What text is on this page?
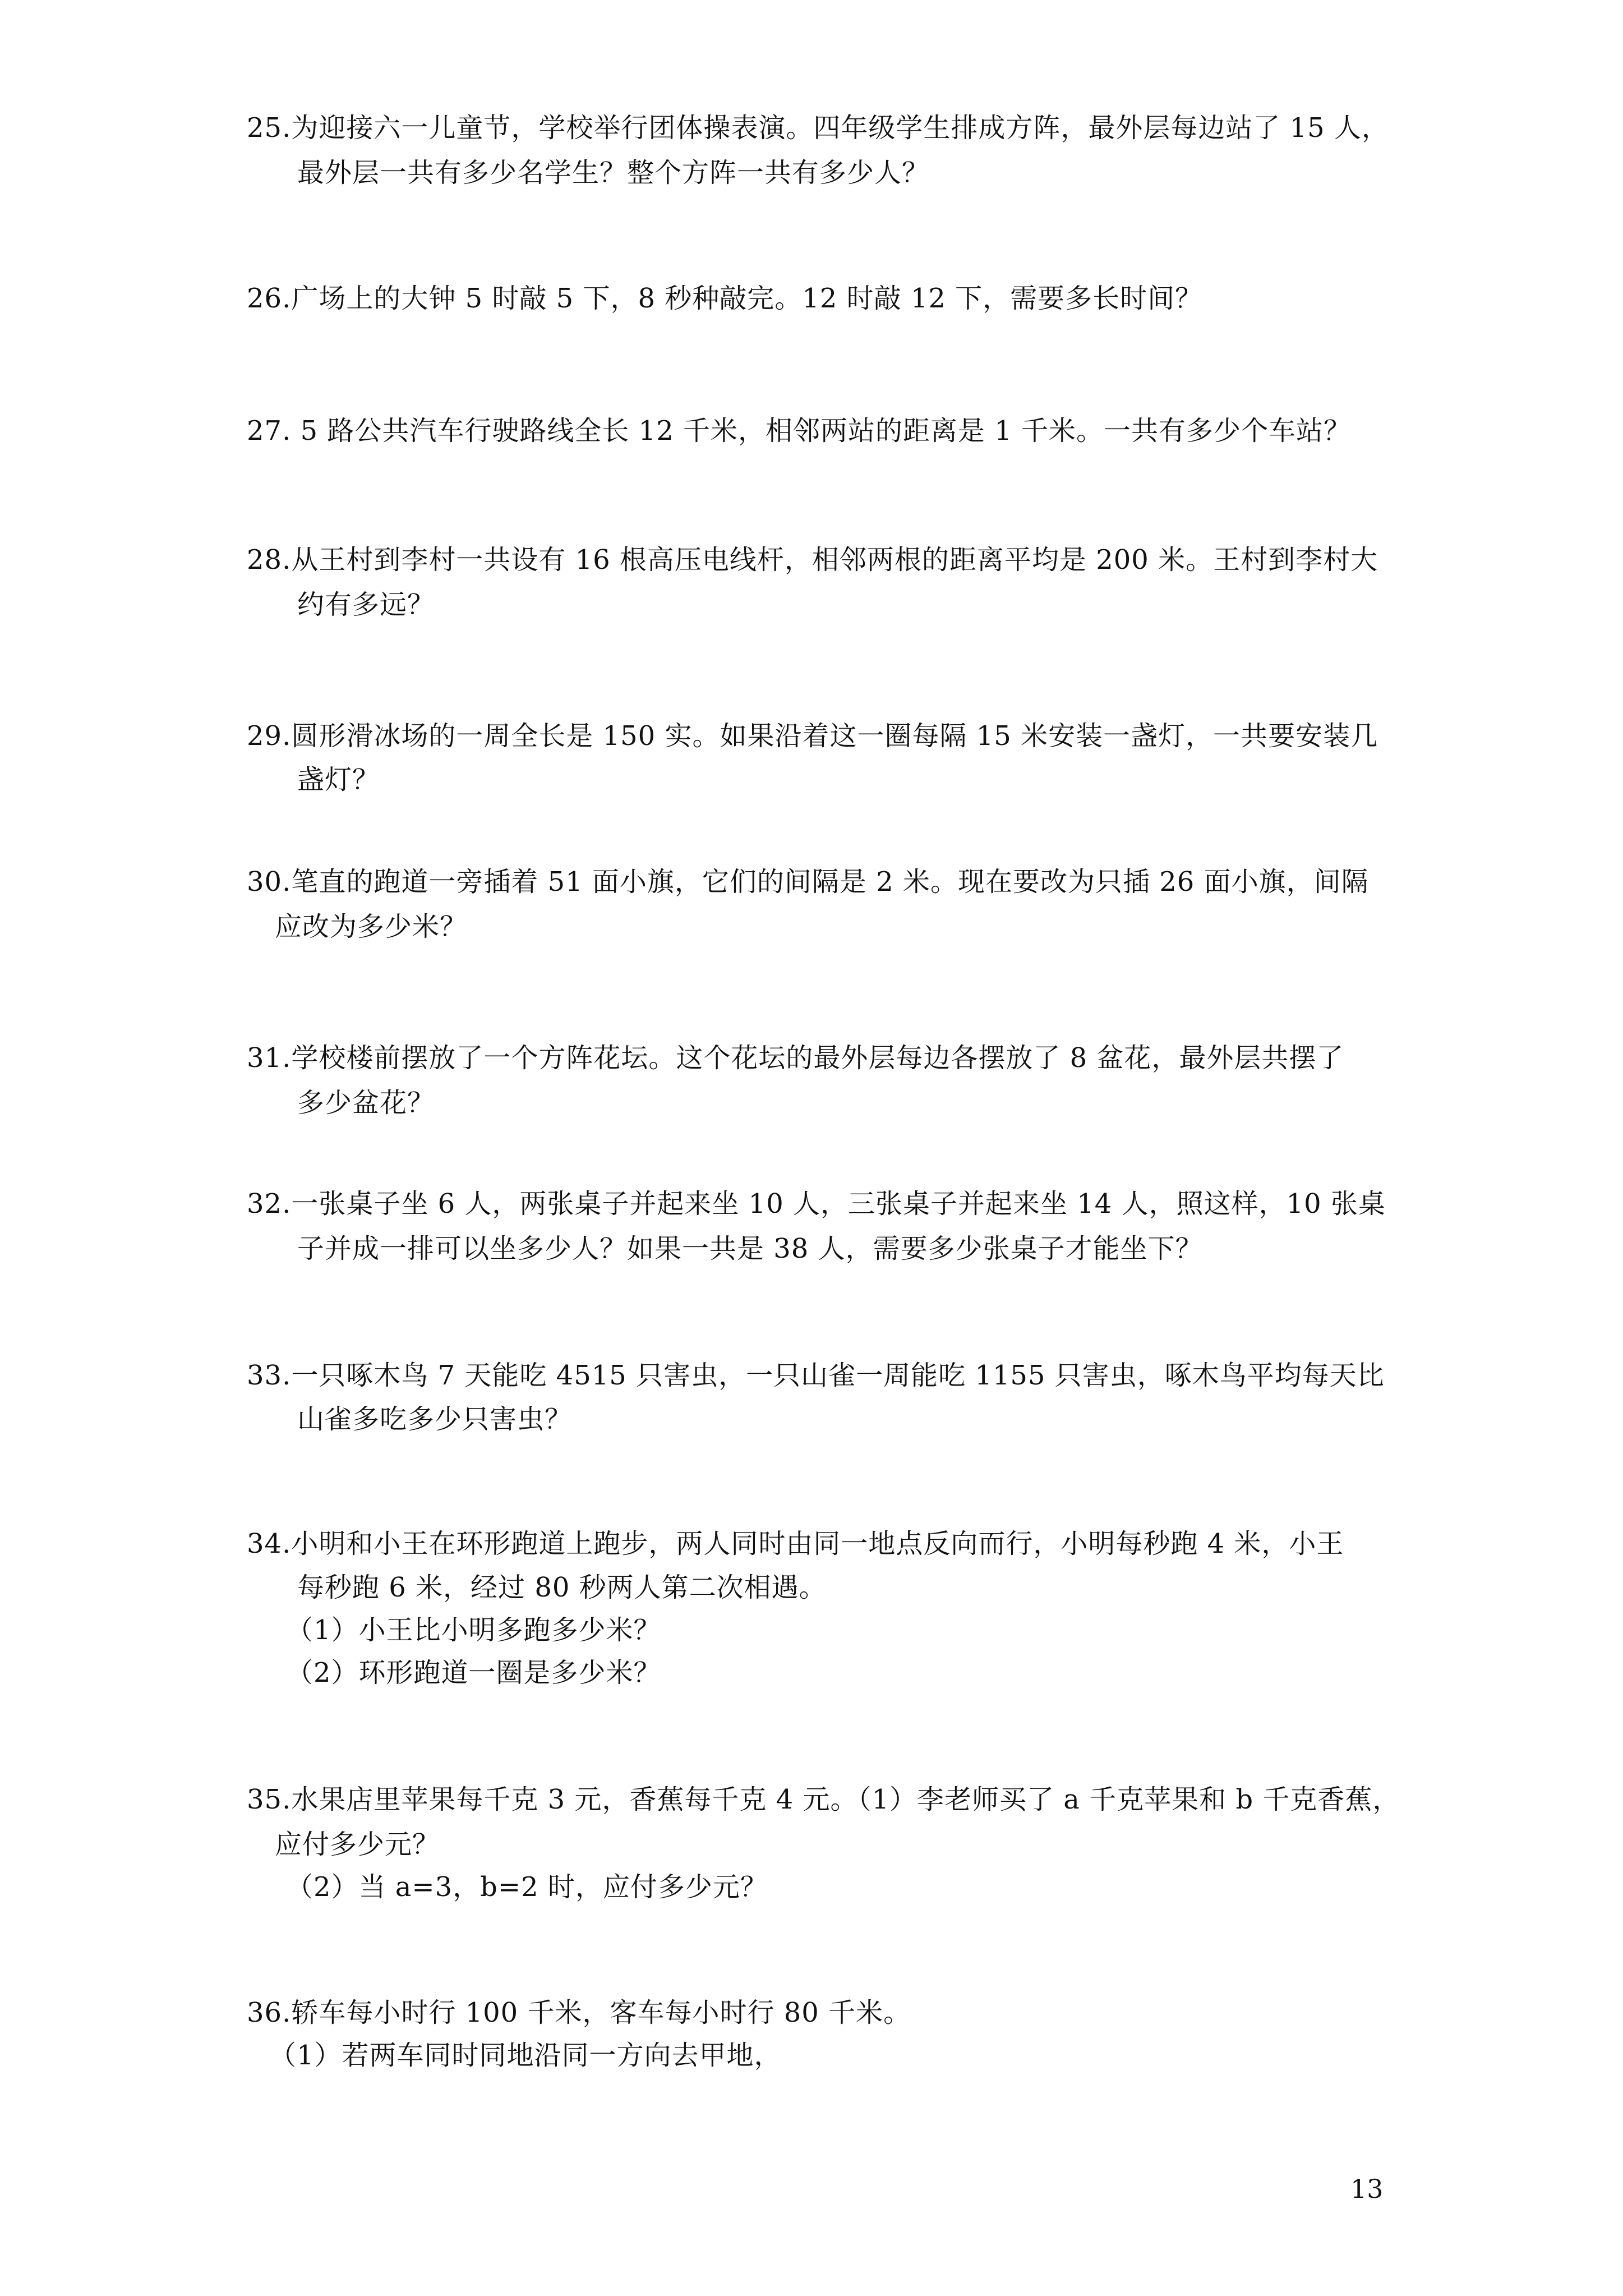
25.为迎接六一儿童节，学校举行团体操表演。四年级学生排成方阵，最外层每边站了 15 人，
最外层一共有多少名学生？整个方阵一共有多少人？
26.广场上的大钟 5 时敲 5 下，8 秒种敲完。12 时敲 12 下，需要多长时间？
27. 5 路公共汽车行驶路线全长 12 千米，相邻两站的距离是 1 千米。一共有多少个车站？
28.从王村到李村一共设有 16 根高压电线杆，相邻两根的距离平均是 200 米。王村到李村大
约有多远？
29.圆形滑冰场的一周全长是 150 实。如果沿着这一圈每隔 15 米安装一盏灯，一共要安装几
盏灯？
30.笔直的跑道一旁插着 51 面小旗，它们的间隔是 2 米。现在要改为只插 26 面小旗，间隔
应改为多少米？
31.学校楼前摆放了一个方阵花坛。这个花坛的最外层每边各摆放了 8 盆花，最外层共摆了
多少盆花？
32.一张桌子坐 6 人，两张桌子并起来坐 10 人，三张桌子并起来坐 14 人，照这样，10 张桌
子并成一排可以坐多少人？如果一共是 38 人，需要多少张桌子才能坐下？
33.一只啄木鸟 7 天能吃 4515 只害虫，一只山雀一周能吃 1155 只害虫，啄木鸟平均每天比
山雀多吃多少只害虫？
34.小明和小王在环形跑道上跑步，两人同时由同一地点反向而行，小明每秒跑 4 米，小王
每秒跑 6 米，经过 80 秒两人第二次相遇。
（1）小王比小明多跑多少米？
（2）环形跑道一圈是多少米？
35.水果店里苹果每千克 3 元，香蕉每千克 4 元。（1）李老师买了 a 千克苹果和 b 千克香蕉，
应付多少元？
（2）当 a=3，b=2 时，应付多少元？
36.轿车每小时行 100 千米，客车每小时行 80 千米。
（1）若两车同时同地沿同一方向去甲地，
13
